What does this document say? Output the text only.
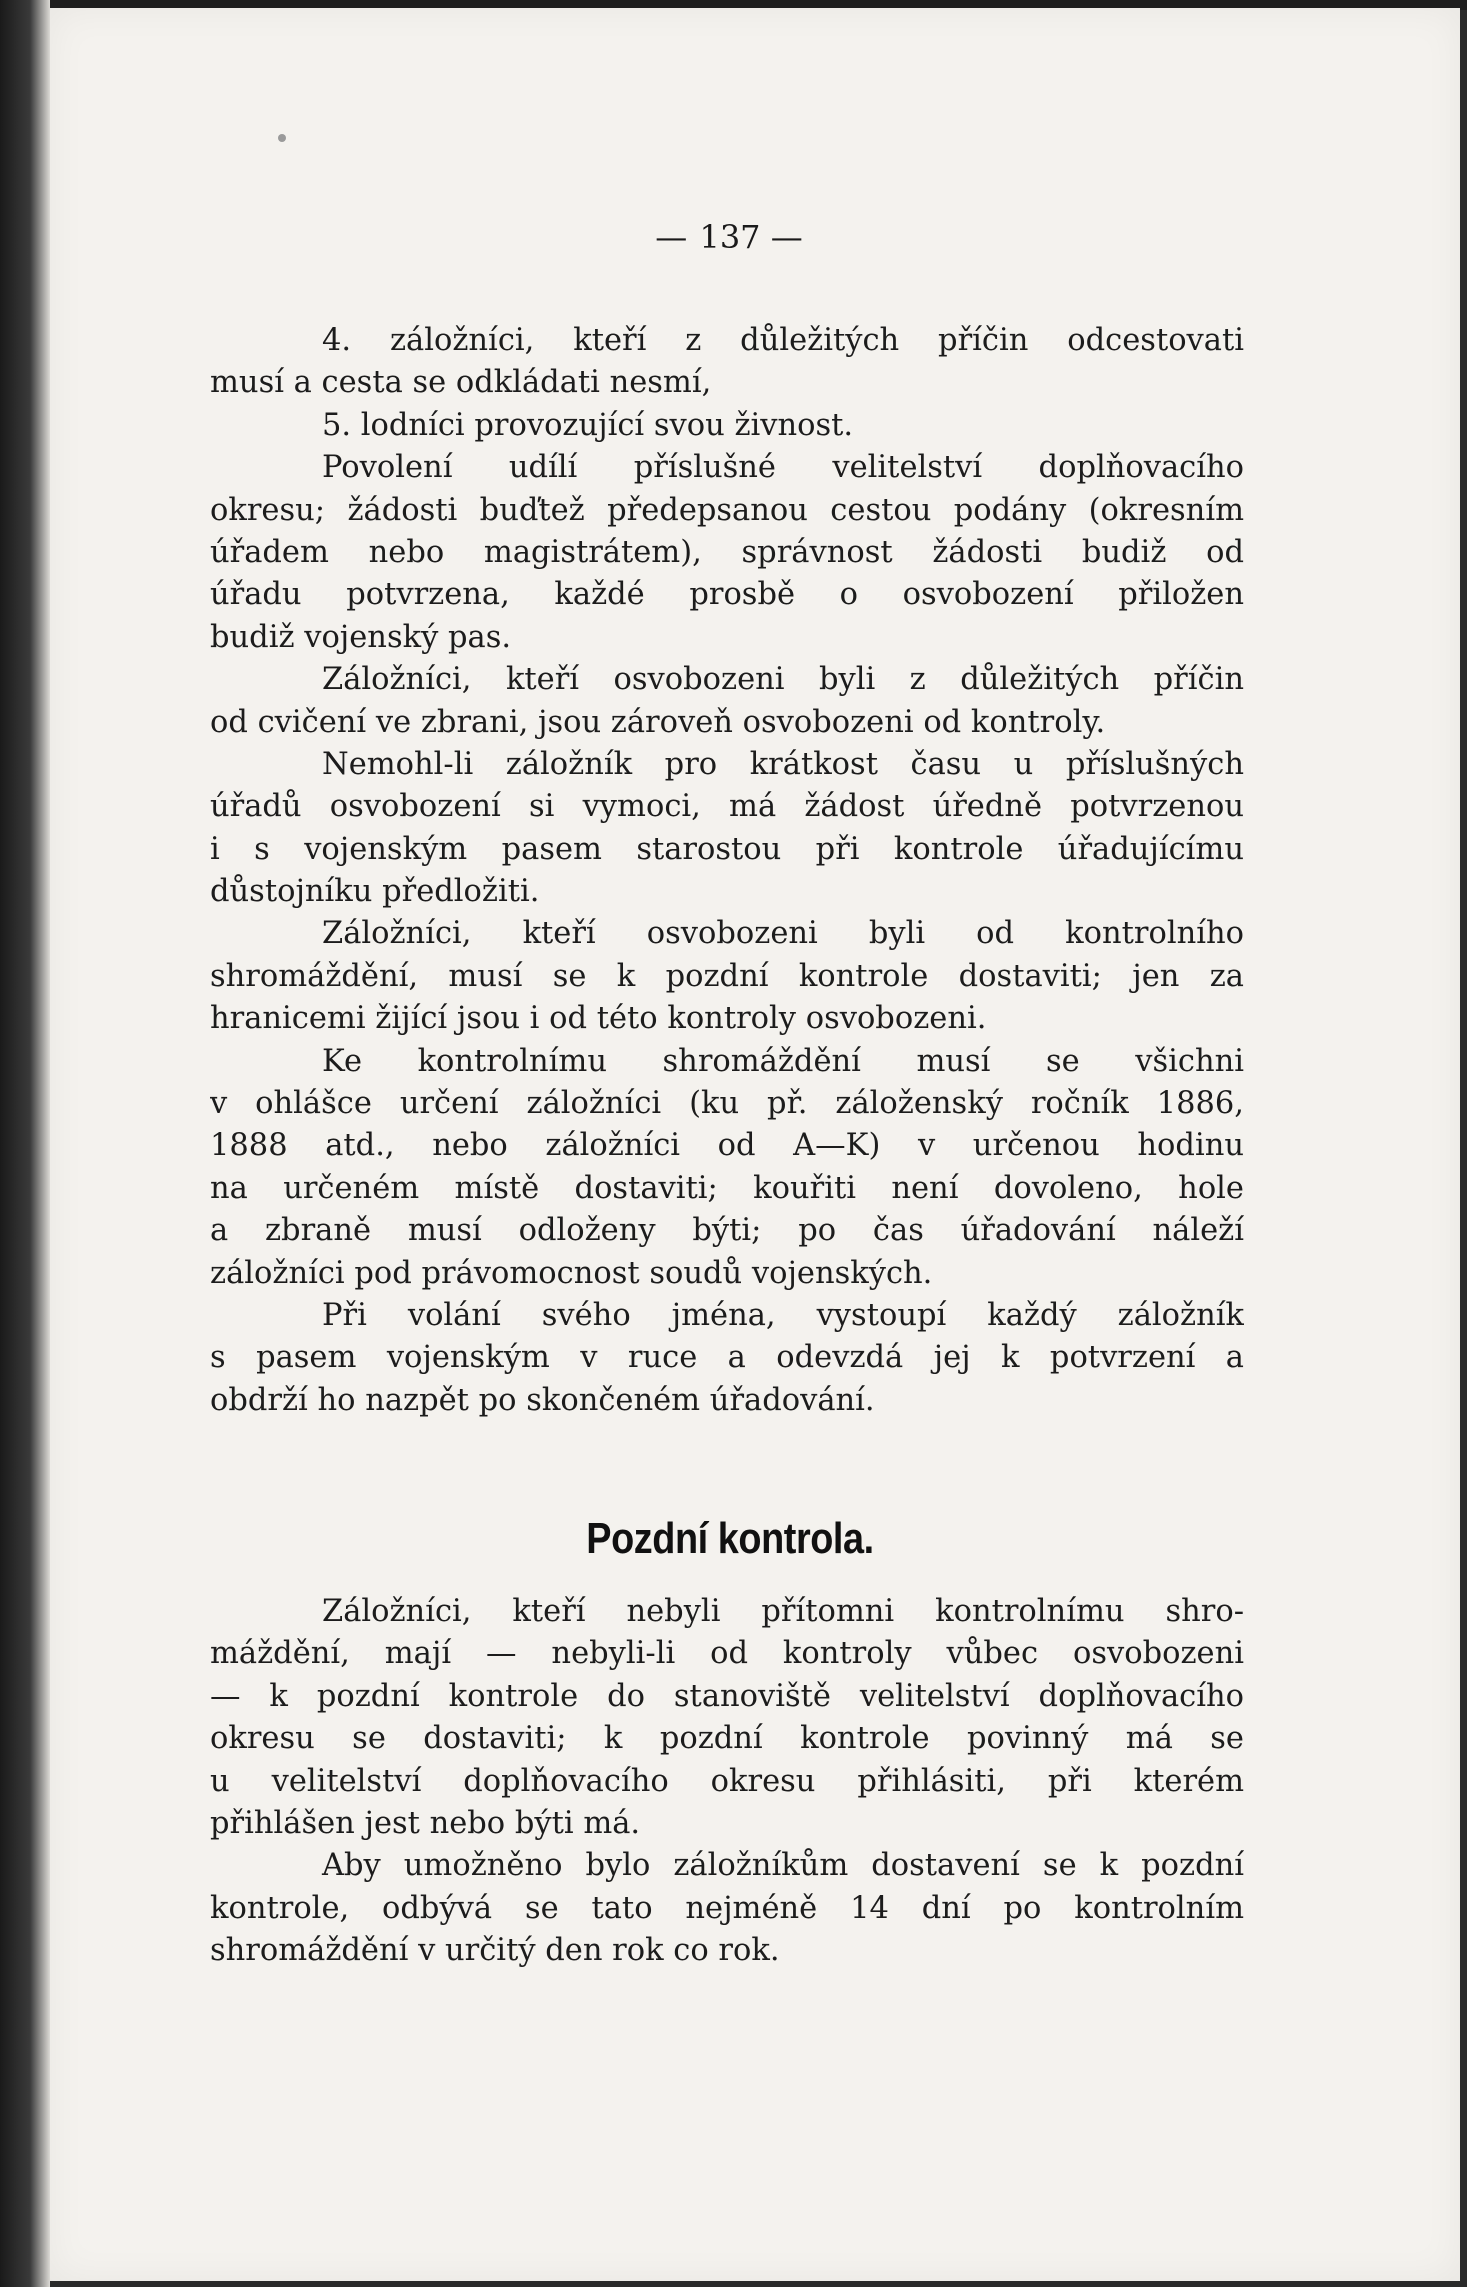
— 137 —
4. záložníci, kteří z důležitých příčin odcestovati
musí a cesta se odkládati nesmí,
5. lodníci provozující svou živnost.
Povolení udílí příslušné velitelství doplňovacího
okresu; žádosti buďtež předepsanou cestou podány (okresním
úřadem nebo magistrátem), správnost žádosti budiž od
úřadu potvrzena, každé prosbě o osvobození přiložen
budiž vojenský pas.
Záložníci, kteří osvobozeni byli z důležitých příčin
od cvičení ve zbrani, jsou zároveň osvobozeni od kontroly.
Nemohl-li záložník pro krátkost času u příslušných
úřadů osvobození si vymoci, má žádost úředně potvrzenou
i s vojenským pasem starostou při kontrole úřadujícímu
důstojníku předložiti.
Záložníci, kteří osvobozeni byli od kontrolního
shromáždění, musí se k pozdní kontrole dostaviti; jen za
hranicemi žijící jsou i od této kontroly osvobozeni.
Ke kontrolnímu shromáždění musí se všichni
v ohlášce určení záložníci (ku př. záloženský ročník 1886,
1888 atd., nebo záložníci od A—K) v určenou hodinu
na určeném místě dostaviti; kouřiti není dovoleno, hole
a zbraně musí odloženy býti; po čas úřadování náleží
záložníci pod právomocnost soudů vojenských.
Při volání svého jména, vystoupí každý záložník
s pasem vojenským v ruce a odevzdá jej k potvrzení a
obdrží ho nazpět po skončeném úřadování.
Pozdní kontrola.
Záložníci, kteří nebyli přítomni kontrolnímu shro-
máždění, mají — nebyli-li od kontroly vůbec osvobozeni
— k pozdní kontrole do stanoviště velitelství doplňovacího
okresu se dostaviti; k pozdní kontrole povinný má se
u velitelství doplňovacího okresu přihlásiti, při kterém
přihlášen jest nebo býti má.
Aby umožněno bylo záložníkům dostavení se k pozdní
kontrole, odbývá se tato nejméně 14 dní po kontrolním
shromáždění v určitý den rok co rok.
